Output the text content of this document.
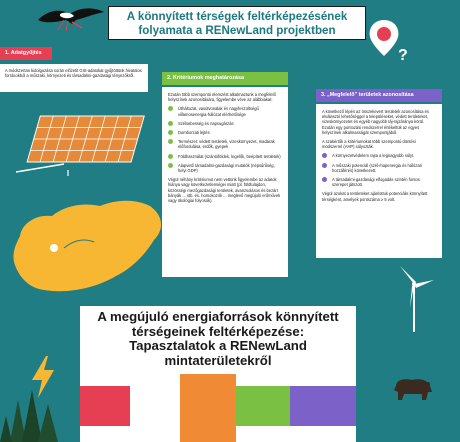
A könnyített térségek feltérképezésének
folyamata a RENewLand projektben
?
1. Adatgyűjtés

A módszertan kidolgozása során előzetit GIS-adatokat gyűjtöttünk hivatalos forrásokból a műszaki, környezeti és társadalmi-gazdasági tényezőkről.	2. Kritériumok meghatározása

Ezután több szempontú elemzést alkalmaztunk a megfelelő helyszínek azonosítására, figyelembe véve az alábbiakat:

Útháltozat, vasútvonalak és nagyfeszültségű villamosenergia-hálózat elérhetősége
Szélsebesség és napsugárzás
Domborzati lejtés
Természet: védett területek, vizeskörnyezet, madarak előfordulása, erdők, gyepek
Földhasználat (szántóföldek, legelők, beépített területek)
Alapvető társadalmi-gazdasági mutatók (népsűrűség, helyi GDP)

Végül néhány kritériumot nem vettünk figyelembe az adatok hiánya vagy következetlenségei miatt (pl. földtulajdon, közösségi mezőgazdasági területek, avanzsolásos és bezárt bányák ... stb. és. homokozók ... meglevő megújuló erőművek vagy ökológiai folyosók).

3. „Megfelelő” területek azonosítása

A következő lépés az összekevert területek azonosítása és elválasztó lehetőséggel a településeket, védett területeket, vizeskörnyezetet és egyéb nagyobb táj-rajzáránya körül. Ezután egy pontozási rendszerrel értékeltük az egyes helyszínek alkalmasságát szempontjából.

A szakértők a kritériumokat több szempontú döntési modszerrel (AHP) súlyozták.

A környezetvédelem rajta a legnagyobb súlyt.
A műszaki potenciál (szél-/napenergia és hálózati hozzáférés) következett.
A társadalmi-gazdasági elfogadás szintén fontos szerepet játszott.

Végül azokat a területeket ajánlottuk potenciális könnyített térségként, amelyek pontszáma ≥ 5 volt.

A megújuló energiaforrások könnyített
térségeinek feltérképezése:
Tapasztalatok a RENewLand
mintaterületekről
